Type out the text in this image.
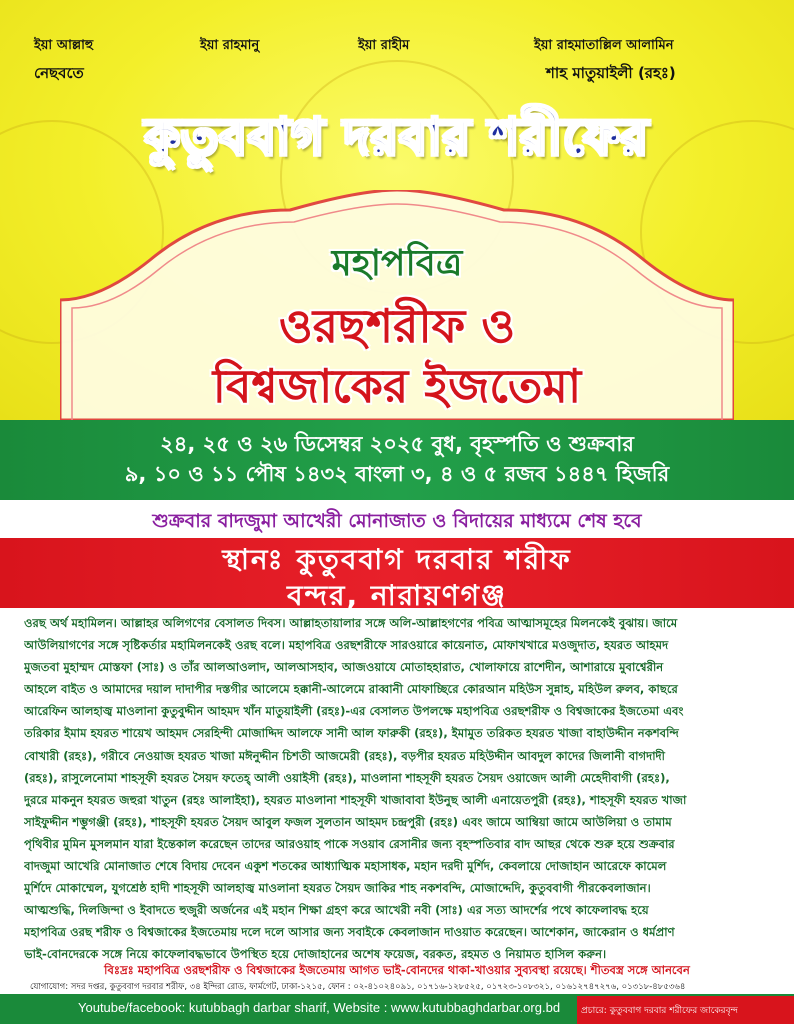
ইয়া আল্লাহু	ইয়া রাহমানু	ইয়া রাহীম	ইয়া রাহমাতাল্লিল আলামিন
নেছবতে	শাহ মাতুয়াইলী (রহঃ)
কুতুববাগ দরবার শরীফের
মহাপবিত্র
ওরছশরীফ ও
বিশ্বজাকের ইজতেমা
২৪, ২৫ ও ২৬ ডিসেম্বর ২০২৫ বুধ, বৃহস্পতি ও শুক্রবার
৯, ১০ ও ১১ পৌষ ১৪৩২ বাংলা ৩, ৪ ও ৫ রজব ১৪৪৭ হিজরি
শুক্রবার বাদজুমা আখেরী মোনাজাত ও বিদায়ের মাধ্যমে শেষ হবে
স্থানঃ কুতুববাগ দরবার শরীফ
বন্দর, নারায়ণগঞ্জ
ওরছ অর্থ মহামিলন। আল্লাহর অলিগণের বেসালত দিবস। আল্লাহতায়ালার সঙ্গে অলি-আল্লাহগণের পবিত্র আত্মাসমূহের মিলনকেই বুঝায়। জামে
আউলিয়াগণের সঙ্গে সৃষ্টিকর্তার মহামিলনকেই ওরছ বলে। মহাপবিত্র ওরছশরীফে সারওয়ারে কায়েনাত, মোফাখখারে মওজুদাত, হযরত আহমদ
মুজতবা মুহাম্মদ মোস্তফা (সাঃ) ও তাঁর আলআওলাদ, আলআসহাব, আজওয়াযে মোতাহহারাত, খোলাফায়ে রাশেদীন, আশারায়ে মুবাশ্বেরীন
আহলে বাইত ও আমাদের দয়াল দাদাপীর দস্তগীর আলেমে হক্কানী-আলেমে রাব্বানী মোফাচ্ছিরে কোরআন মহিউস সুন্নাহ, মহিউল রুলব, কাছরে
আরেফিন আলহাজ্ব মাওলানা কুতুবুদ্দীন আহমদ খাঁন মাতুয়াইলী (রহঃ)-এর বেসালত উপলক্ষে মহাপবিত্র ওরছশরীফ ও বিশ্বজাকের ইজতেমা এবং
তরিকার ইমাম হযরত শায়েখ আহমদ সেরহিন্দী মোজাদ্দিদ আলফে সানী আল ফারুকী (রহঃ), ইমামুত তরিকত হযরত খাজা বাহাউদ্দীন নকশবন্দি
বোখারী (রহঃ), গরীবে নেওয়াজ হযরত খাজা মঈনুদ্দীন চিশতী আজমেরী (রহঃ), বড়পীর হযরত মহিউদ্দীন আবদুল কাদের জিলানী বাগদাদী
(রহঃ), রাসুলেনোমা শাহসূফী হযরত সৈয়দ ফতেহ্ আলী ওয়াইসী (রহঃ), মাওলানা শাহসূফী হযরত সৈয়দ ওয়াজেদ আলী মেহেদীবাগী (রহঃ),
দুররে মাকনুন হযরত জহুরা খাতুন (রহঃ আলাইহা), হযরত মাওলানা শাহসূফী খাজাবাবা ইউনুছ আলী এনায়েতপুরী (রহঃ), শাহসূফী হযরত খাজা
সাইফুদ্দীন শম্ভুগঞ্জী (রহঃ), শাহসূফী হযরত সৈয়দ আবুল ফজল সুলতান আহমদ চন্দ্রপুরী (রহঃ) এবং জামে আম্বিয়া জামে আউলিয়া ও তামাম
পৃথিবীর মুমিন মুসলমান যারা ইন্তেকাল করেছেন তাদের আরওয়াহ পাকে সওয়াব রেসানীর জন্য বৃহস্পতিবার বাদ আছর থেকে শুরু হয়ে শুক্রবার
বাদজুমা আখেরি মোনাজাত শেষে বিদায় দেবেন একুশ শতকের আধ্যাত্মিক মহাসাধক, মহান দরদী মুর্শিদ, কেবলায়ে দোজাহান আরেফে কামেল
মুর্শিদে মোকাম্মেল, যুগশ্রেষ্ঠ হাদী শাহসূফী আলহাজ্ব মাওলানা হযরত সৈয়দ জাকির শাহ নকশবন্দি, মোজাদ্দেদি, কুতুববাগী পীরকেবলাজান।
আত্মশুদ্ধি, দিলজিন্দা ও ইবাদতে হুজুরী অর্জনের এই মহান শিক্ষা গ্রহণ করে আখেরী নবী (সাঃ) এর সত্য আদর্শের পথে কাফেলাবদ্ধ হয়ে
মহাপবিত্র ওরছ শরীফ ও বিশ্বজাকের ইজতেমায় দলে দলে আসার জন্য সবাইকে কেবলাজান দাওয়াত করেছেন। আশেকান, জাকেরান ও ধর্মপ্রাণ
ভাই-বোনদেরকে সঙ্গে নিয়ে কাফেলাবদ্ধভাবে উপস্থিত হয়ে দোজাহানের অশেষ ফয়েজ, বরকত, রহমত ও নিয়ামত হাসিল করুন।
বিঃদ্রঃ মহাপবিত্র ওরছশরীফ ও বিশ্বজাকের ইজতেমায় আগত ভাই-বোনদের থাকা-খাওয়ার সুব্যবস্থা রয়েছে। শীতবস্ত্র সঙ্গে আনবেন
যোগাযোগ: সদর দপ্তর, কুতুববাগ দরবার শরীফ, ৩৪ ইন্দিরা রোড, ফার্মগেট, ঢাকা-১২১৫, ফোন : ০২-৪১০২৪০৯১, ০১৭১৬-১২৮৫২৫, ০১৭২৩-১০৮৩২১, ০১৬১২৭৪৭২৭৬, ০১৩১৮-৪৮৫৩৬৪
Youtube/facebook: kutubbagh darbar sharif, Website : www.kutubbaghdarbar.org.bd প্রচারে: কুতুববাগ দরবার শরীফের জাকেরবৃন্দ
